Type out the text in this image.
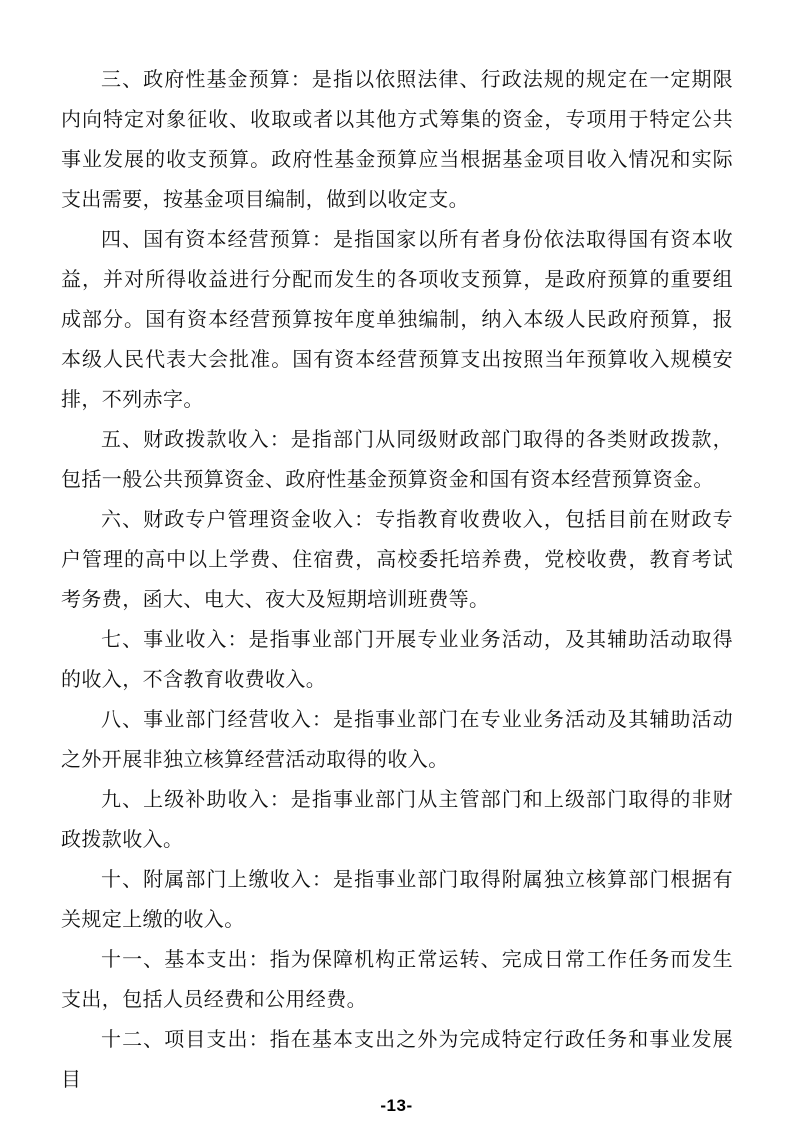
三、政府性基金预算：是指以依照法律、行政法规的规定在一定期限内向特定对象征收、收取或者以其他方式筹集的资金，专项用于特定公共事业发展的收支预算。政府性基金预算应当根据基金项目收入情况和实际支出需要，按基金项目编制，做到以收定支。

四、国有资本经营预算：是指国家以所有者身份依法取得国有资本收益，并对所得收益进行分配而发生的各项收支预算，是政府预算的重要组成部分。国有资本经营预算按年度单独编制，纳入本级人民政府预算，报本级人民代表大会批准。国有资本经营预算支出按照当年预算收入规模安排，不列赤字。

五、财政拨款收入：是指部门从同级财政部门取得的各类财政拨款，包括一般公共预算资金、政府性基金预算资金和国有资本经营预算资金。

六、财政专户管理资金收入：专指教育收费收入，包括目前在财政专户管理的高中以上学费、住宿费，高校委托培养费，党校收费，教育考试考务费，函大、电大、夜大及短期培训班费等。

七、事业收入：是指事业部门开展专业业务活动，及其辅助活动取得的收入，不含教育收费收入。

八、事业部门经营收入：是指事业部门在专业业务活动及其辅助活动之外开展非独立核算经营活动取得的收入。

九、上级补助收入：是指事业部门从主管部门和上级部门取得的非财政拨款收入。

十、附属部门上缴收入：是指事业部门取得附属独立核算部门根据有关规定上缴的收入。

十一、基本支出：指为保障机构正常运转、完成日常工作任务而发生支出，包括人员经费和公用经费。

十二、项目支出：指在基本支出之外为完成特定行政任务和事业发展目

-13-
